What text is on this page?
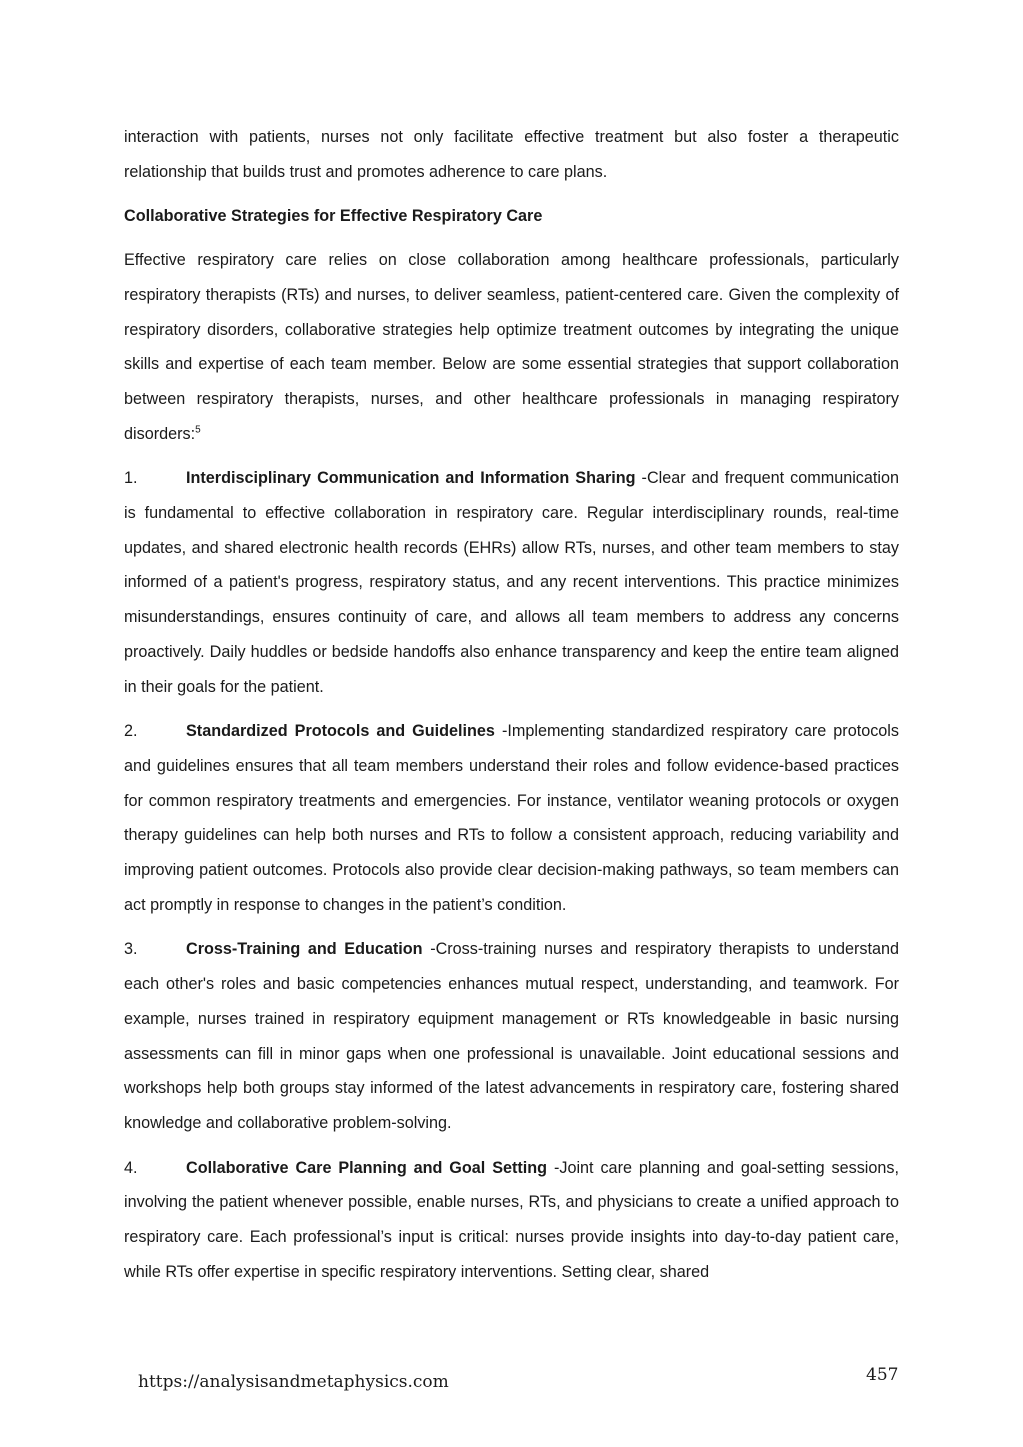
interaction with patients, nurses not only facilitate effective treatment but also foster a therapeutic relationship that builds trust and promotes adherence to care plans.

Collaborative Strategies for Effective Respiratory Care

Effective respiratory care relies on close collaboration among healthcare professionals, particularly respiratory therapists (RTs) and nurses, to deliver seamless, patient-centered care. Given the complexity of respiratory disorders, collaborative strategies help optimize treatment outcomes by integrating the unique skills and expertise of each team member. Below are some essential strategies that support collaboration between respiratory therapists, nurses, and other healthcare professionals in managing respiratory disorders:$^5$

1.	Interdisciplinary Communication and Information Sharing -Clear and frequent communication is fundamental to effective collaboration in respiratory care. Regular interdisciplinary rounds, real-time updates, and shared electronic health records (EHRs) allow RTs, nurses, and other team members to stay informed of a patient's progress, respiratory status, and any recent interventions. This practice minimizes misunderstandings, ensures continuity of care, and allows all team members to address any concerns proactively. Daily huddles or bedside handoffs also enhance transparency and keep the entire team aligned in their goals for the patient.

2.	Standardized Protocols and Guidelines -Implementing standardized respiratory care protocols and guidelines ensures that all team members understand their roles and follow evidence-based practices for common respiratory treatments and emergencies. For instance, ventilator weaning protocols or oxygen therapy guidelines can help both nurses and RTs to follow a consistent approach, reducing variability and improving patient outcomes. Protocols also provide clear decision-making pathways, so team members can act promptly in response to changes in the patient’s condition.

3.	Cross-Training and Education -Cross-training nurses and respiratory therapists to understand each other's roles and basic competencies enhances mutual respect, understanding, and teamwork. For example, nurses trained in respiratory equipment management or RTs knowledgeable in basic nursing assessments can fill in minor gaps when one professional is unavailable. Joint educational sessions and workshops help both groups stay informed of the latest advancements in respiratory care, fostering shared knowledge and collaborative problem-solving.

4.	Collaborative Care Planning and Goal Setting -Joint care planning and goal-setting sessions, involving the patient whenever possible, enable nurses, RTs, and physicians to create a unified approach to respiratory care. Each professional’s input is critical: nurses provide insights into day-to-day patient care, while RTs offer expertise in specific respiratory interventions. Setting clear, shared

https://analysisandmetaphysics.com	457
